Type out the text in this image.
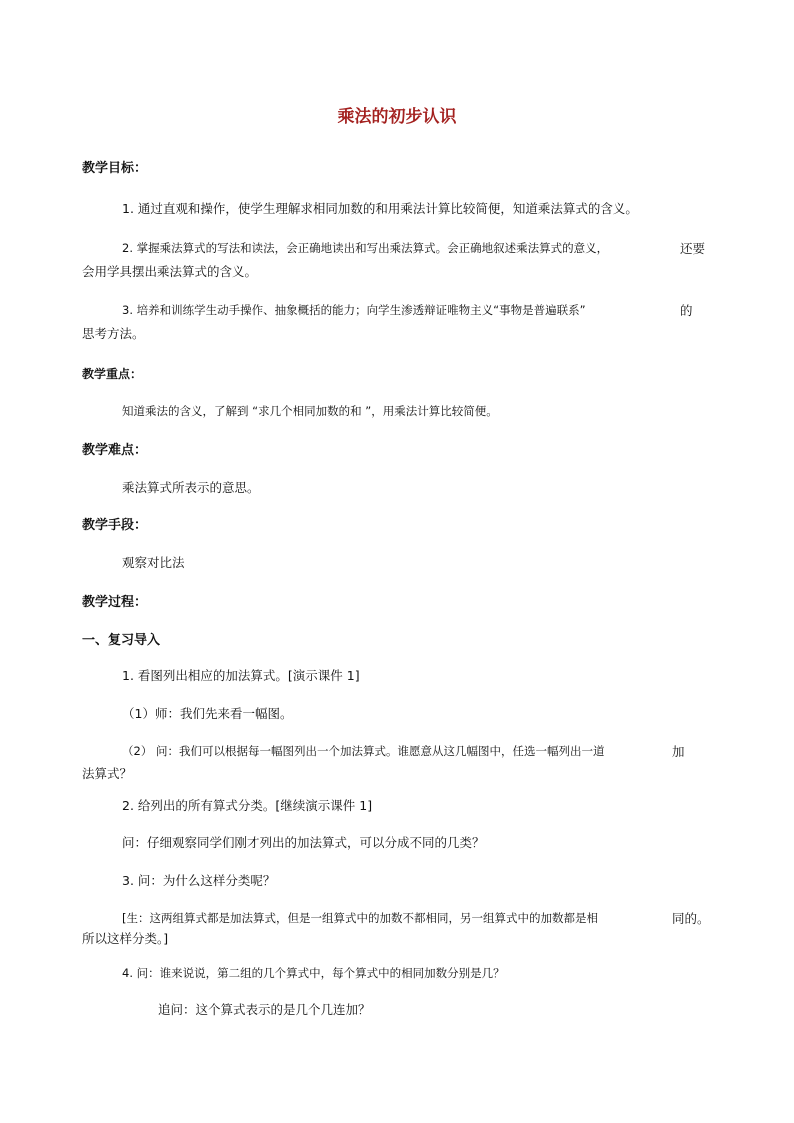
乘法的初步认识
教学目标：
1. 通过直观和操作，使学生理解求相同加数的和用乘法计算比较简便，知道乘法算式的含义。
2. 掌握乘法算式的写法和读法，会正确地读出和写出乘法算式。会正确地叙述乘法算式的意义，	还要
会用学具摆出乘法算式的含义。
3. 培养和训练学生动手操作、抽象概括的能力；向学生渗透辩证唯物主义“事物是普遍联系”	的
思考方法。
教学重点：
知道乘法的含义，了解到 “求几个相同加数的和 ”，用乘法计算比较简便。
教学难点：
乘法算式所表示的意思。
教学手段：
观察对比法
教学过程：
一、复习导入
1. 看图列出相应的加法算式。[演示课件 1]
（1）师：我们先来看一幅图。
（2） 问：我们可以根据每一幅图列出一个加法算式。谁愿意从这几幅图中，任选一幅列出一道	加
法算式？
2. 给列出的所有算式分类。[继续演示课件 1]
问：仔细观察同学们刚才列出的加法算式，可以分成不同的几类？
3. 问：为什么这样分类呢？
[生：这两组算式都是加法算式，但是一组算式中的加数不都相同，另一组算式中的加数都是相	同的。
所以这样分类。]
4. 问：谁来说说，第二组的几个算式中，每个算式中的相同加数分别是几？
追问：这个算式表示的是几个几连加？
